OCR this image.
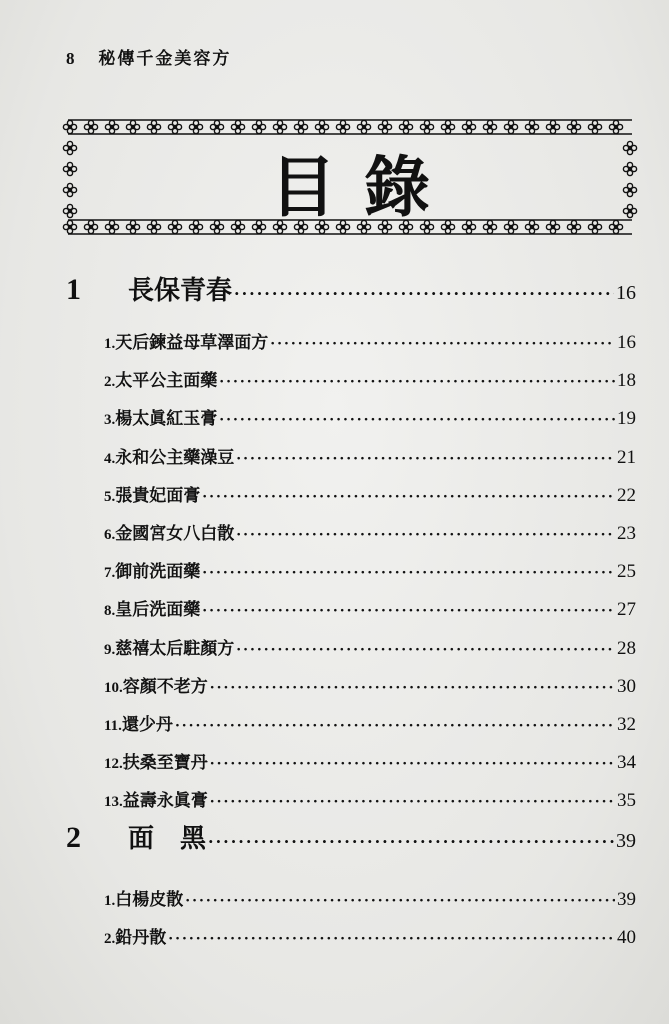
8 秘傳千金美容方
目錄
1 長保青春 ·····	16
1.天后鍊益母草澤面方 ·····	16
2.太平公主面藥 ·····	18
3.楊太眞紅玉膏 ·····	19
4.永和公主藥澡豆 ·····	21
5.張貴妃面膏 ·····	22
6.金國宮女八白散 ·····	23
7.御前洗面藥 ·····	25
8.皇后洗面藥 ·····	27
9.慈禧太后駐顏方 ·····	28
10.容顏不老方 ·····	30
11.還少丹 ·····	32
12.扶桑至寶丹 ·····	34
13.益壽永眞膏 ·····	35
2 面　黑 ·····	39
1.白楊皮散 ·····	39
2.鉛丹散 ·····	40
